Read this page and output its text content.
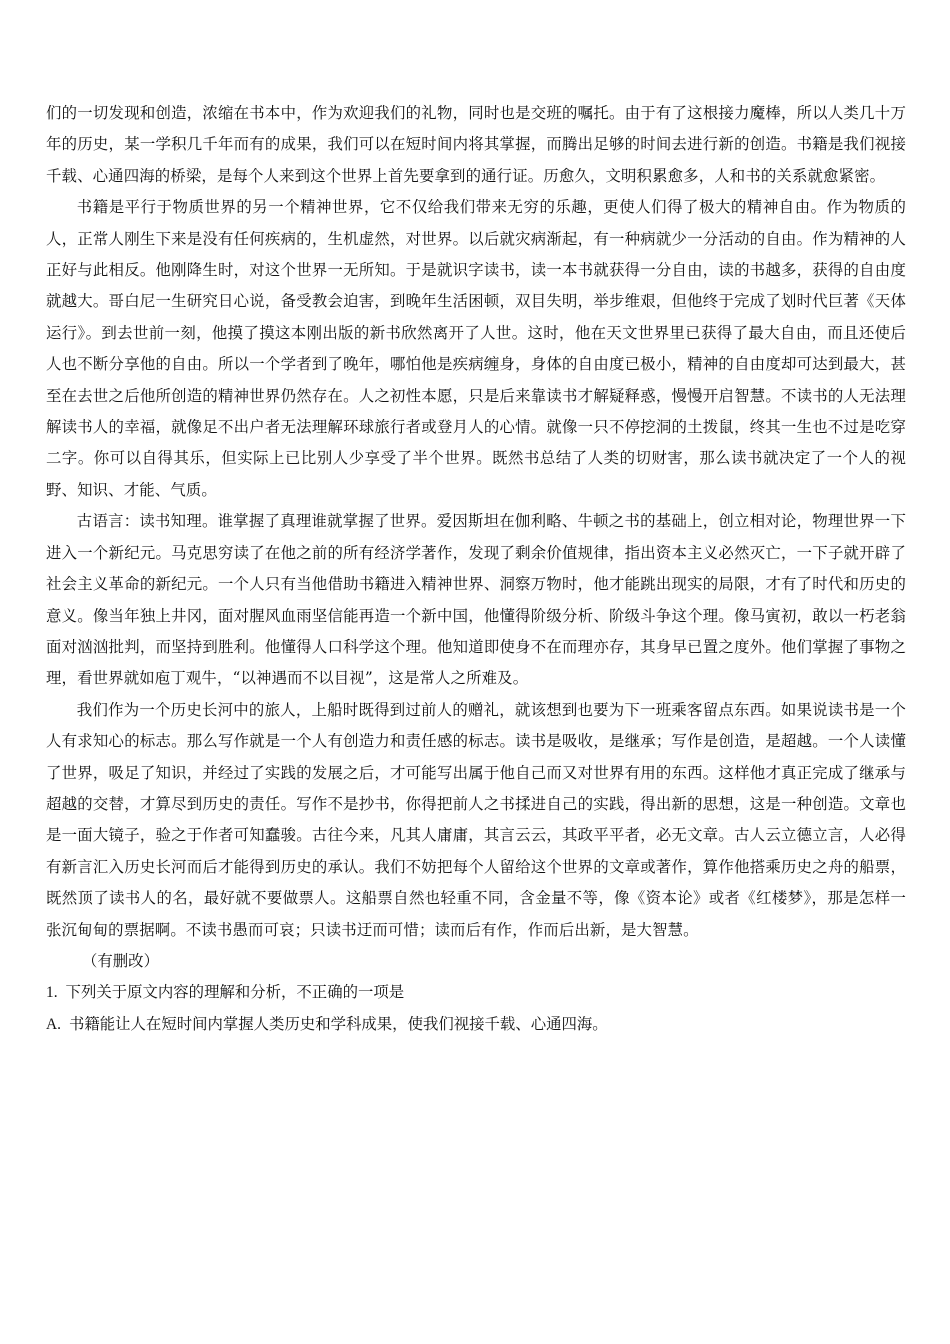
们的一切发现和创造，浓缩在书本中，作为欢迎我们的礼物，同时也是交班的嘱托。由于有了这根接力魔棒，所以人类几十万年的历史，某一学积几千年而有的成果，我们可以在短时间内将其掌握，而腾出足够的时间去进行新的创造。书籍是我们视接千载、心通四海的桥梁，是每个人来到这个世界上首先要拿到的通行证。历愈久，文明积累愈多，人和书的关系就愈紧密。

书籍是平行于物质世界的另一个精神世界，它不仅给我们带来无穷的乐趣，更使人们得了极大的精神自由。作为物质的人，正常人刚生下来是没有任何疾病的，生机虚然，对世界。以后就灾病渐起，有一种病就少一分活动的自由。作为精神的人正好与此相反。他刚降生时，对这个世界一无所知。于是就识字读书，读一本书就获得一分自由，读的书越多，获得的自由度就越大。哥白尼一生研究日心说，备受教会迫害，到晚年生活困顿，双目失明，举步维艰，但他终于完成了划时代巨著《天体运行》。到去世前一刻，他摸了摸这本刚出版的新书欣然离开了人世。这时，他在天文世界里已获得了最大自由，而且还使后人也不断分享他的自由。所以一个学者到了晚年，哪怕他是疾病缠身，身体的自由度已极小，精神的自由度却可达到最大，甚至在去世之后他所创造的精神世界仍然存在。人之初性本愿，只是后来靠读书才解疑释惑，慢慢开启智慧。不读书的人无法理解读书人的幸福，就像足不出户者无法理解环球旅行者或登月人的心情。就像一只不停挖洞的土拨鼠，终其一生也不过是吃穿二字。你可以自得其乐，但实际上已比别人少享受了半个世界。既然书总结了人类的切财害，那么读书就决定了一个人的视野、知识、才能、气质。

古语言：读书知理。谁掌握了真理谁就掌握了世界。爱因斯坦在伽利略、牛顿之书的基础上，创立相对论，物理世界一下进入一个新纪元。马克思穷读了在他之前的所有经济学著作，发现了剩余价值规律，指出资本主义必然灭亡，一下子就开辟了社会主义革命的新纪元。一个人只有当他借助书籍进入精神世界、洞察万物时，他才能跳出现实的局限，才有了时代和历史的意义。像当年独上井冈，面对腥风血雨坚信能再造一个新中国，他懂得阶级分析、阶级斗争这个理。像马寅初，敢以一朽老翁面对汹汹批判，而坚持到胜利。他懂得人口科学这个理。他知道即使身不在而理亦存，其身早已置之度外。他们掌握了事物之理，看世界就如庖丁观牛，“以神遇而不以目视”，这是常人之所难及。

我们作为一个历史长河中的旅人，上船时既得到过前人的赠礼，就该想到也要为下一班乘客留点东西。如果说读书是一个人有求知心的标志。那么写作就是一个人有创造力和责任感的标志。读书是吸收，是继承；写作是创造，是超越。一个人读懂了世界，吸足了知识，并经过了实践的发展之后，才可能写出属于他自己而又对世界有用的东西。这样他才真正完成了继承与超越的交替，才算尽到历史的责任。写作不是抄书，你得把前人之书揉进自己的实践，得出新的思想，这是一种创造。文章也是一面大镜子，验之于作者可知蠢骏。古往今来，凡其人庸庸，其言云云，其政平平者，必无文章。古人云立德立言，人必得有新言汇入历史长河而后才能得到历史的承认。我们不妨把每个人留给这个世界的文章或著作，算作他搭乘历史之舟的船票，既然顶了读书人的名，最好就不要做票人。这船票自然也轻重不同，含金量不等，像《资本论》或者《红楼梦》，那是怎样一张沉甸甸的票据啊。不读书愚而可哀；只读书迂而可惜；读而后有作，作而后出新，是大智慧。

（有删改）

1. 下列关于原文内容的理解和分析，不正确的一项是
A. 书籍能让人在短时间内掌握人类历史和学科成果，使我们视接千载、心通四海。
